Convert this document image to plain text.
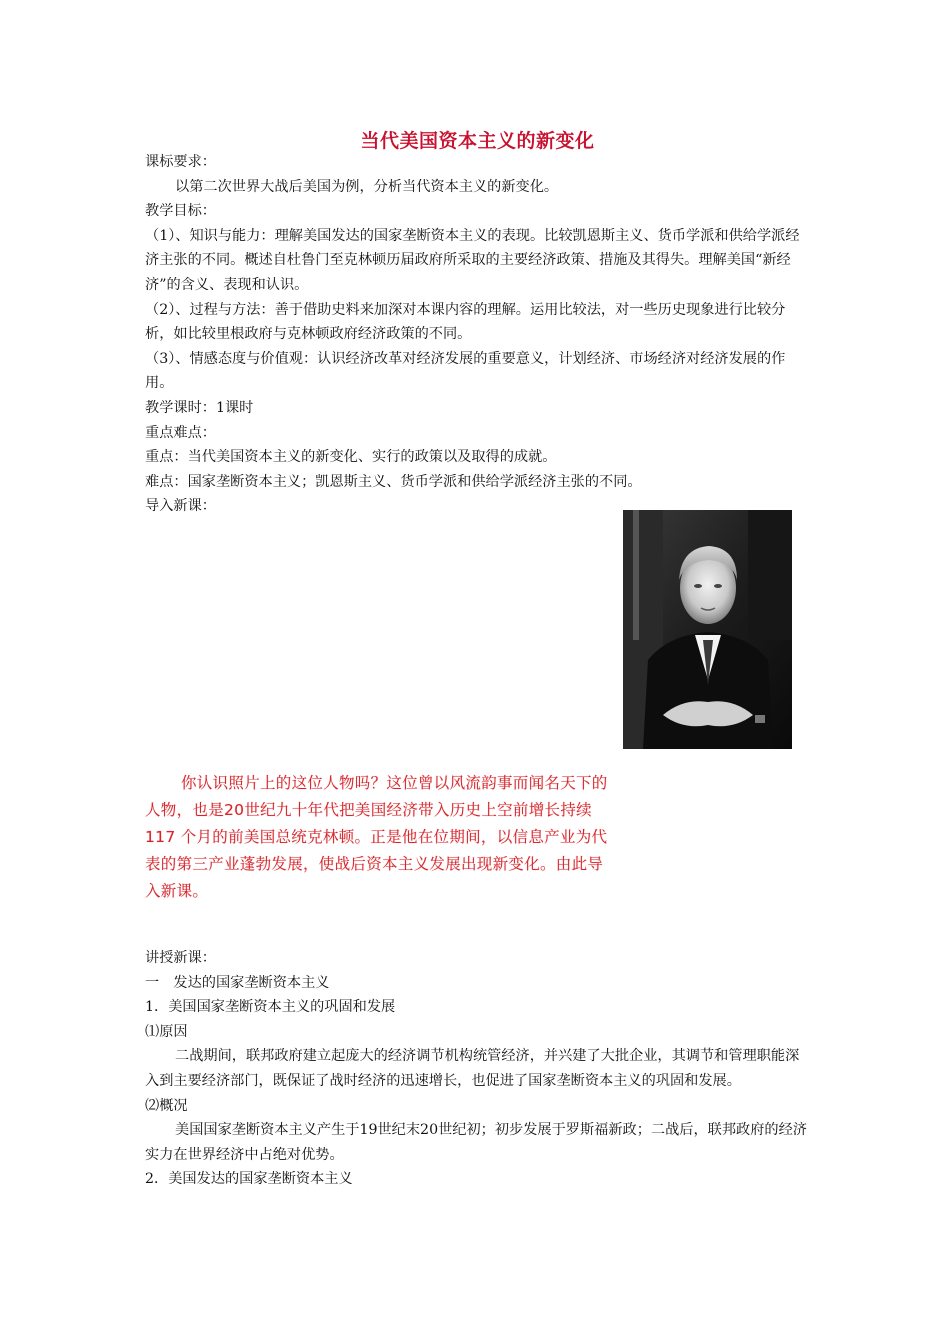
当代美国资本主义的新变化

课标要求：

以第二次世界大战后美国为例，分析当代资本主义的新变化。

教学目标：

（1）、知识与能力：理解美国发达的国家垄断资本主义的表现。比较凯恩斯主义、货币学派和供给学派经济主张的不同。概述自杜鲁门至克林顿历届政府所采取的主要经济政策、措施及其得失。理解美国“新经济”的含义、表现和认识。

（2）、过程与方法：善于借助史料来加深对本课内容的理解。运用比较法，对一些历史现象进行比较分析，如比较里根政府与克林顿政府经济政策的不同。

（3）、情感态度与价值观：认识经济改革对经济发展的重要意义，计划经济、市场经济对经济发展的作用。

教学课时：1课时

重点难点：

重点：当代美国资本主义的新变化、实行的政策以及取得的成就。

难点：国家垄断资本主义；凯恩斯主义、货币学派和供给学派经济主张的不同。

导入新课：

你认识照片上的这位人物吗？这位曾以风流韵事而闻名天下的人物，也是20世纪九十年代把美国经济带入历史上空前增长持续 117 个月的前美国总统克林顿。正是他在位期间，以信息产业为代表的第三产业蓬勃发展，使战后资本主义发展出现新变化。由此导入新课。

讲授新课：

一　发达的国家垄断资本主义

1．美国国家垄断资本主义的巩固和发展

⑴原因

二战期间，联邦政府建立起庞大的经济调节机构统管经济，并兴建了大批企业，其调节和管理职能深入到主要经济部门，既保证了战时经济的迅速增长，也促进了国家垄断资本主义的巩固和发展。

⑵概况

美国国家垄断资本主义产生于19世纪末20世纪初；初步发展于罗斯福新政；二战后，联邦政府的经济实力在世界经济中占绝对优势。

2．美国发达的国家垄断资本主义
